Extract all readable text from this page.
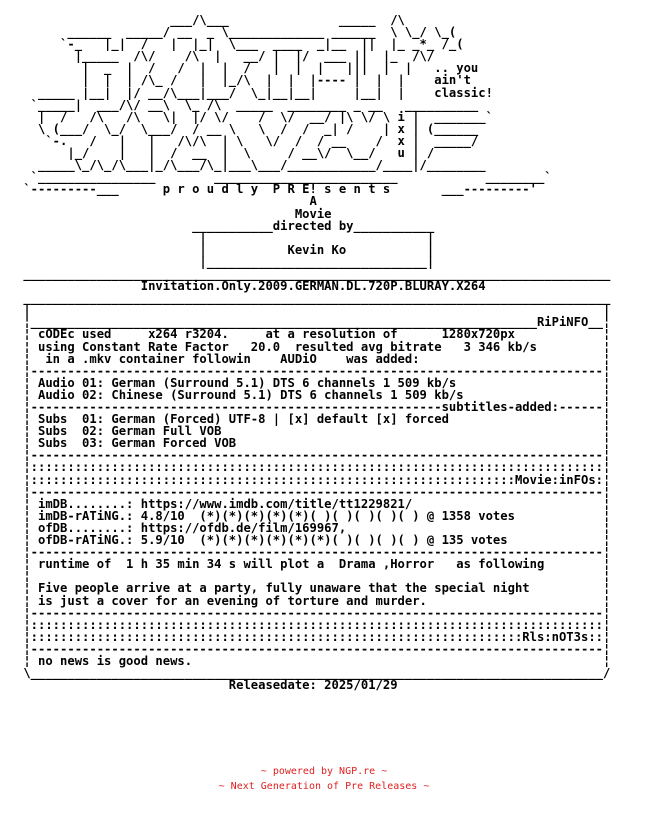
___/\___               _____  /\
______  _____/ __  _ \_____________ ______  \ \_/ \_(
`-_   |_|  /   |  |_|  \___  ____  _|__  ||  |_ _*_ /_(
|_____  /\/    /\  |   __/ |  |/  ___ ||  |_  /\/
|  _  |  /   /  |  |  /   |  |  |   |||  |  |   .. you
|  |  | /\_ /   |  |_/\  |  |  |---- |  |  |    ain't
_____ |__|  |/ __/\___|___/  \_|__|__|     |__|  |    classic!
`_____|  ___/\/ __\  \_ /\  _____  ________ _ __   __________
|  /   /\   /\   \|  |/ \/    /  \/  __/ |\ \/ \ i |  _______`
\ (___/  \_/  \___/  / __ \   \  /  /  _| /    | x | (______
`-.   /   |   |   /\/\  | \   \/  /  / __    /  x |  _____/
|_/    |   |  /  __  |  \     / __\/  \__/   u | /
_____\_/\_/\___|_/\___/\_|___\___/____________/____|/________
`________________        _________________________            ________`
`---------___      p r o u d l y  P R E! s e n t s       ___---------'
A
Movie
___________directed by___________
|                              |
|           Kevin Ko           |
|______________________________|
________________________________________________________________________________
Invitation.Only.2009.GERMAN.DL.720P.BLURAY.X264
________________________________________________________________________________
|                                                                              |
¦_____________________________________________________________________RiPiNFO__¦
¦ cODEc used     x264 r3204.     at a resolution of      1280x720px            ¦
¦ using Constant Rate Factor   20.0  resulted avg bitrate   3 346 kb/s         ¦
¦  in a .mkv container followin    AUDiO    was added:                         ¦
¦------------------------------------------------------------------------------¦
¦ Audio 01: German (Surround 5.1) DTS 6 channels 1 509 kb/s                    ¦
¦ Audio 02: Chinese (Surround 5.1) DTS 6 channels 1 509 kb/s                   ¦
¦--------------------------------------------------------subtitles-added:------¦
¦ Subs  01: German (Forced) UTF-8 | [x] default [x] forced                     ¦
¦ Subs  02: German Full VOB                                                    ¦
¦ Subs  03: German Forced VOB                                                  ¦
¦------------------------------------------------------------------------------¦
¦::::::::::::::::::::::::::::::::::::::::::::::::::::::::::::::::::::::::::::::¦
¦::::::::::::::::::::::::::::::::::::::::::::::::::::::::::::::::::Movie:inFOs:¦
¦------------------------------------------------------------------------------¦
¦ imDB........: https://www.imdb.com/title/tt1229821/                          ¦
¦ imDB-rATiNG.: 4.8/10  (*)(*)(*)(*)(*)( )( )( )( )( ) @ 1358 votes            ¦
¦ ofDB........: https://ofdb.de/film/169967,                                   ¦
¦ ofDB-rATiNG.: 5.9/10  (*)(*)(*)(*)(*)(*)( )( )( )( ) @ 135 votes             ¦
¦------------------------------------------------------------------------------¦
¦ runtime of  1 h 35 min 34 s will plot a  Drama ,Horror   as following        ¦
¦                                                                              ¦
¦ Five people arrive at a party, fully unaware that the special night          ¦
¦ is just a cover for an evening of torture and murder.                        ¦
¦------------------------------------------------------------------------------¦
¦::::::::::::::::::::::::::::::::::::::::::::::::::::::::::::::::::::::::::::::¦
¦:::::::::::::::::::::::::::::::::::::::::::::::::::::::::::::::::::Rls:nOT3s::¦
¦------------------------------------------------------------------------------¦
¦ no news is good news.                                                        ¦
\______________________________________________________________________________/
Releasedate: 2025/01/29
~ powered by NGP.re ~
~ Next Generation of Pre Releases ~
